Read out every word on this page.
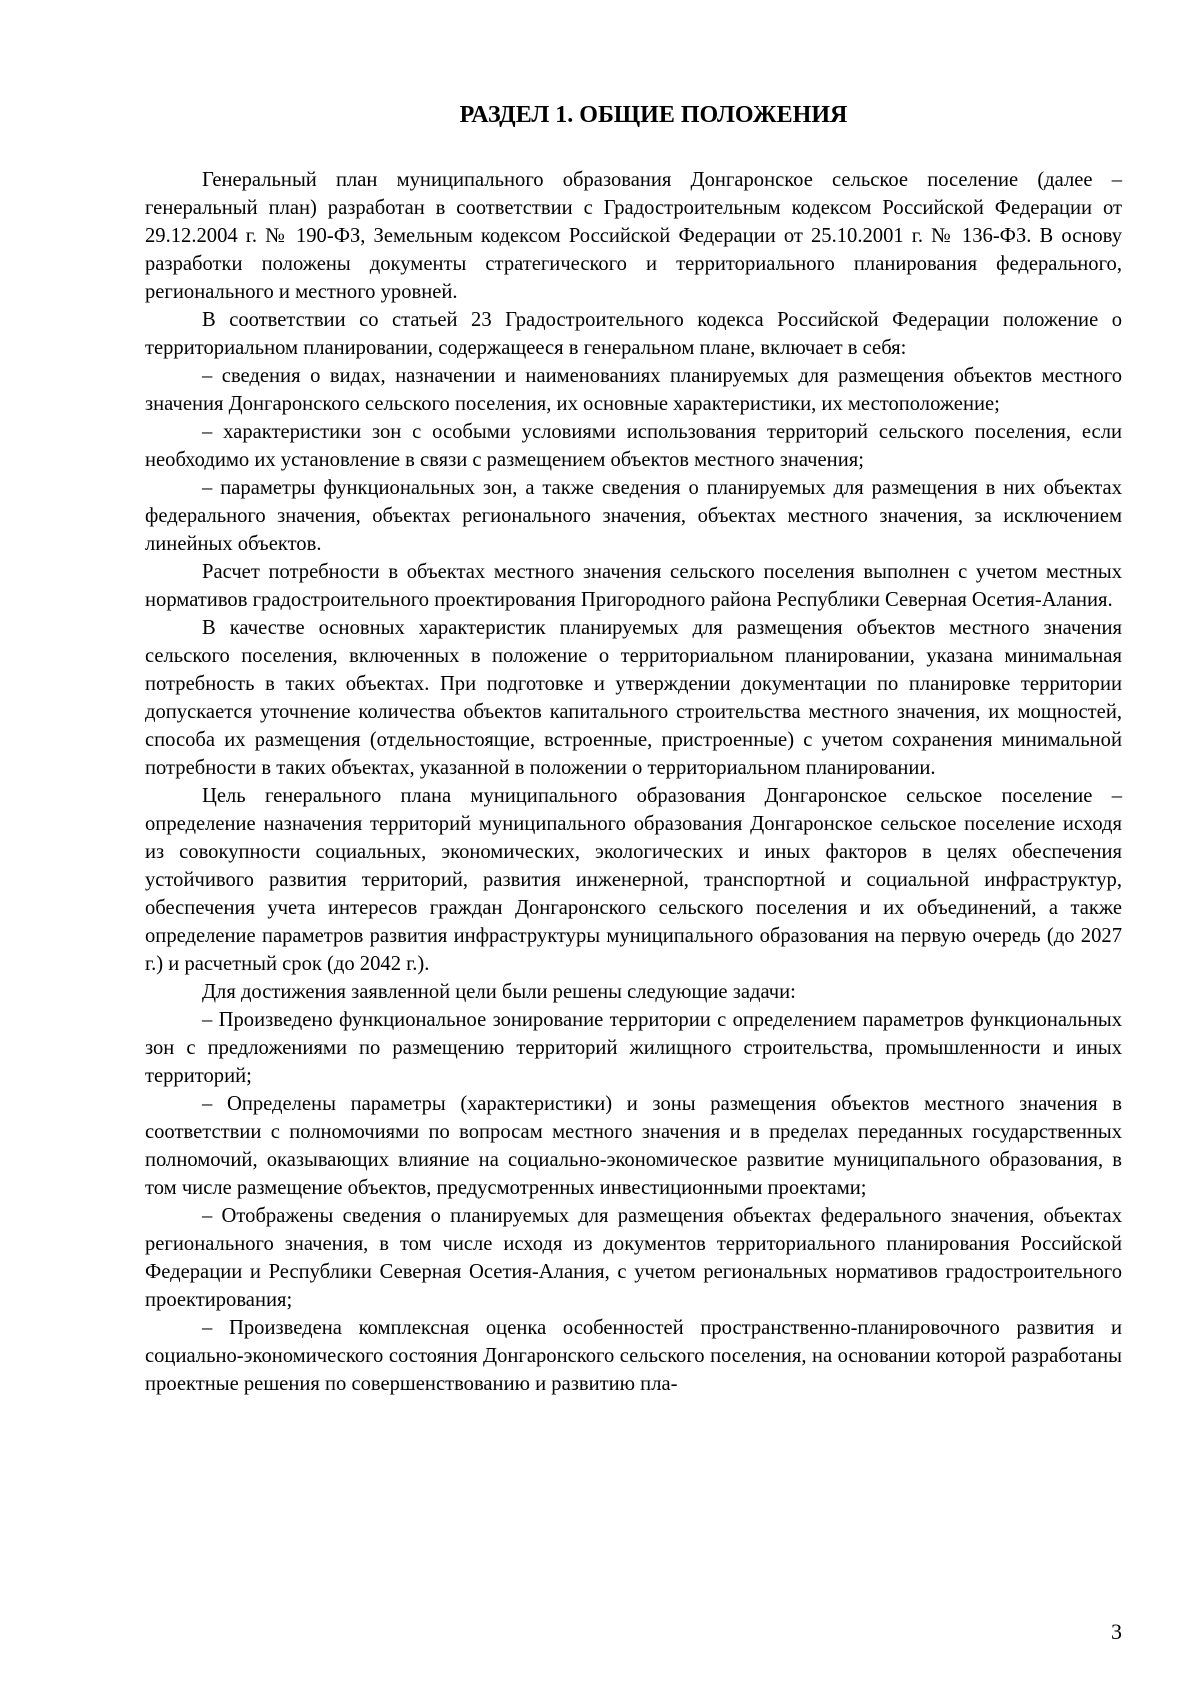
РАЗДЕЛ 1. ОБЩИЕ ПОЛОЖЕНИЯ

Генеральный план муниципального образования Донгаронское сельское поселение (далее – генеральный план) разработан в соответствии с Градостроительным кодексом Российской Федерации от 29.12.2004 г. № 190-ФЗ, Земельным кодексом Российской Федерации от 25.10.2001 г. № 136-ФЗ. В основу разработки положены документы стратегического и территориального планирования федерального, регионального и местного уровней.

В соответствии со статьей 23 Градостроительного кодекса Российской Федерации положение о территориальном планировании, содержащееся в генеральном плане, включает в себя:

– сведения о видах, назначении и наименованиях планируемых для размещения объектов местного значения Донгаронского сельского поселения, их основные характеристики, их местоположение;

– характеристики зон с особыми условиями использования территорий сельского поселения, если необходимо их установление в связи с размещением объектов местного значения;

– параметры функциональных зон, а также сведения о планируемых для размещения в них объектах федерального значения, объектах регионального значения, объектах местного значения, за исключением линейных объектов.

Расчет потребности в объектах местного значения сельского поселения выполнен с учетом местных нормативов градостроительного проектирования Пригородного района Республики Северная Осетия-Алания.

В качестве основных характеристик планируемых для размещения объектов местного значения сельского поселения, включенных в положение о территориальном планировании, указана минимальная потребность в таких объектах. При подготовке и утверждении документации по планировке территории допускается уточнение количества объектов капитального строительства местного значения, их мощностей, способа их размещения (отдельностоящие, встроенные, пристроенные) с учетом сохранения минимальной потребности в таких объектах, указанной в положении о территориальном планировании.

Цель генерального плана муниципального образования Донгаронское сельское поселение – определение назначения территорий муниципального образования Донгаронское сельское поселение исходя из совокупности социальных, экономических, экологических и иных факторов в целях обеспечения устойчивого развития территорий, развития инженерной, транспортной и социальной инфраструктур, обеспечения учета интересов граждан Донгаронского сельского поселения и их объединений, а также определение параметров развития инфраструктуры муниципального образования на первую очередь (до 2027 г.) и расчетный срок (до 2042 г.).

Для достижения заявленной цели были решены следующие задачи:

– Произведено функциональное зонирование территории с определением параметров функциональных зон с предложениями по размещению территорий жилищного строительства, промышленности и иных территорий;

– Определены параметры (характеристики) и зоны размещения объектов местного значения в соответствии с полномочиями по вопросам местного значения и в пределах переданных государственных полномочий, оказывающих влияние на социально-экономическое развитие муниципального образования, в том числе размещение объектов, предусмотренных инвестиционными проектами;

– Отображены сведения о планируемых для размещения объектах федерального значения, объектах регионального значения, в том числе исходя из документов территориального планирования Российской Федерации и Республики Северная Осетия-Алания, с учетом региональных нормативов градостроительного проектирования;

– Произведена комплексная оценка особенностей пространственно-планировочного развития и социально-экономического состояния Донгаронского сельского поселения, на основании которой разработаны проектные решения по совершенствованию и развитию пла-

3
